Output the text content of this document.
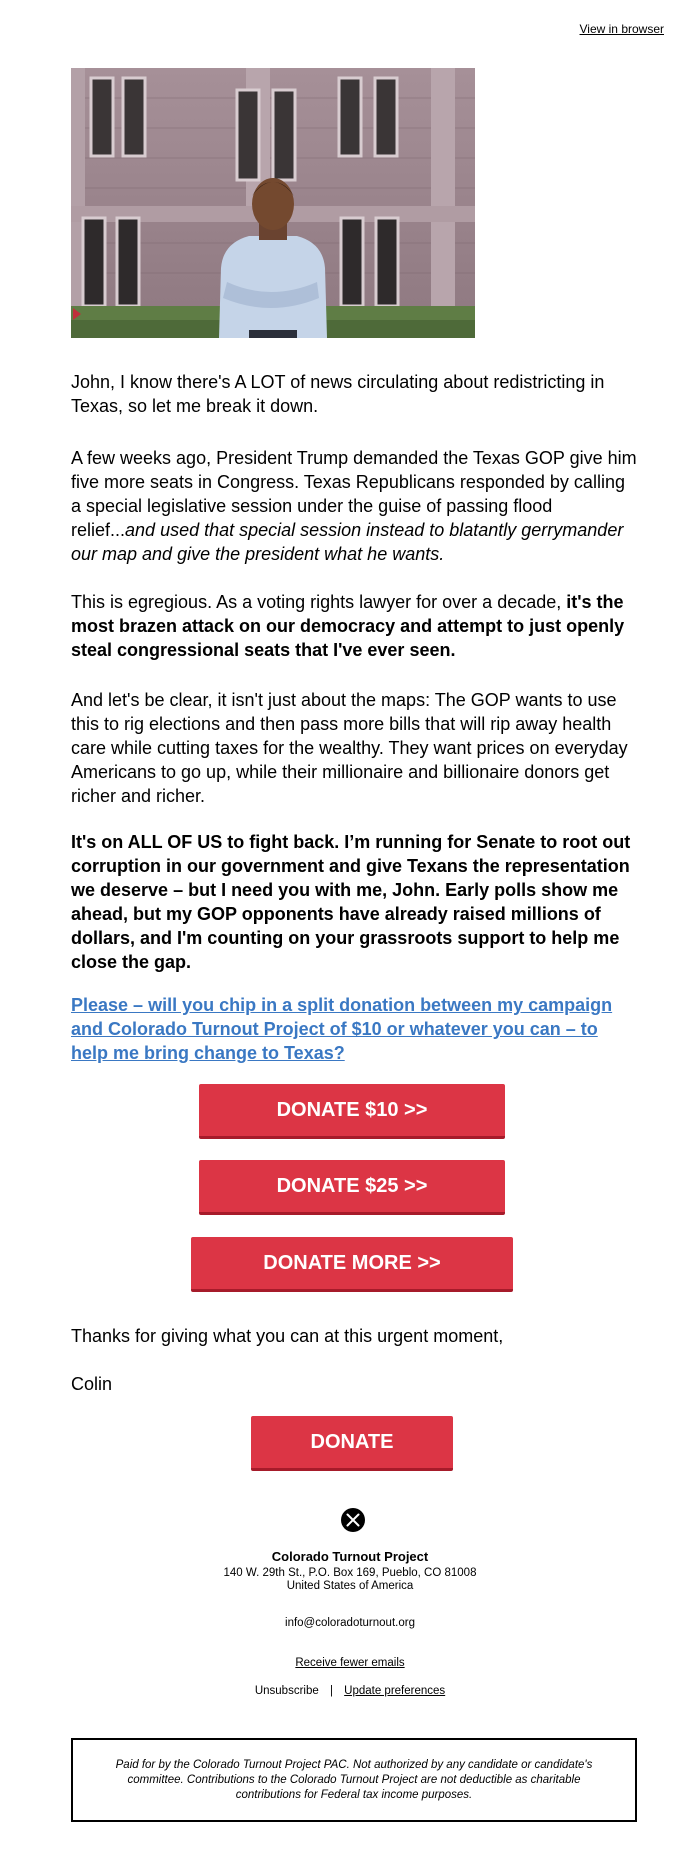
View in browser

John, I know there's A LOT of news circulating about redistricting in Texas, so let me break it down.

A few weeks ago, President Trump demanded the Texas GOP give him five more seats in Congress. Texas Republicans responded by calling a special legislative session under the guise of passing flood relief...and used that special session instead to blatantly gerrymander our map and give the president what he wants.

This is egregious. As a voting rights lawyer for over a decade, it's the most brazen attack on our democracy and attempt to just openly steal congressional seats that I've ever seen.

And let's be clear, it isn't just about the maps: The GOP wants to use this to rig elections and then pass more bills that will rip away health care while cutting taxes for the wealthy. They want prices on everyday Americans to go up, while their millionaire and billionaire donors get richer and richer.

It's on ALL OF US to fight back. I’m running for Senate to root out corruption in our government and give Texans the representation we deserve – but I need you with me, John. Early polls show me ahead, but my GOP opponents have already raised millions of dollars, and I'm counting on your grassroots support to help me close the gap.

Please – will you chip in a split donation between my campaign and Colorado Turnout Project of $10 or whatever you can – to help me bring change to Texas?
DONATE $10 >>
DONATE $25 >>
DONATE MORE >>

Thanks for giving what you can at this urgent moment,

Colin

DONATE
Colorado Turnout Project
140 W. 29th St., P.O. Box 169, Pueblo, CO 81008
United States of America
info@coloradoturnout.org
Receive fewer emails
Unsubscribe | Update preferences
Paid for by the Colorado Turnout Project PAC. Not authorized by any candidate or candidate's committee. Contributions to the Colorado Turnout Project are not deductible as charitable contributions for Federal tax income purposes.
